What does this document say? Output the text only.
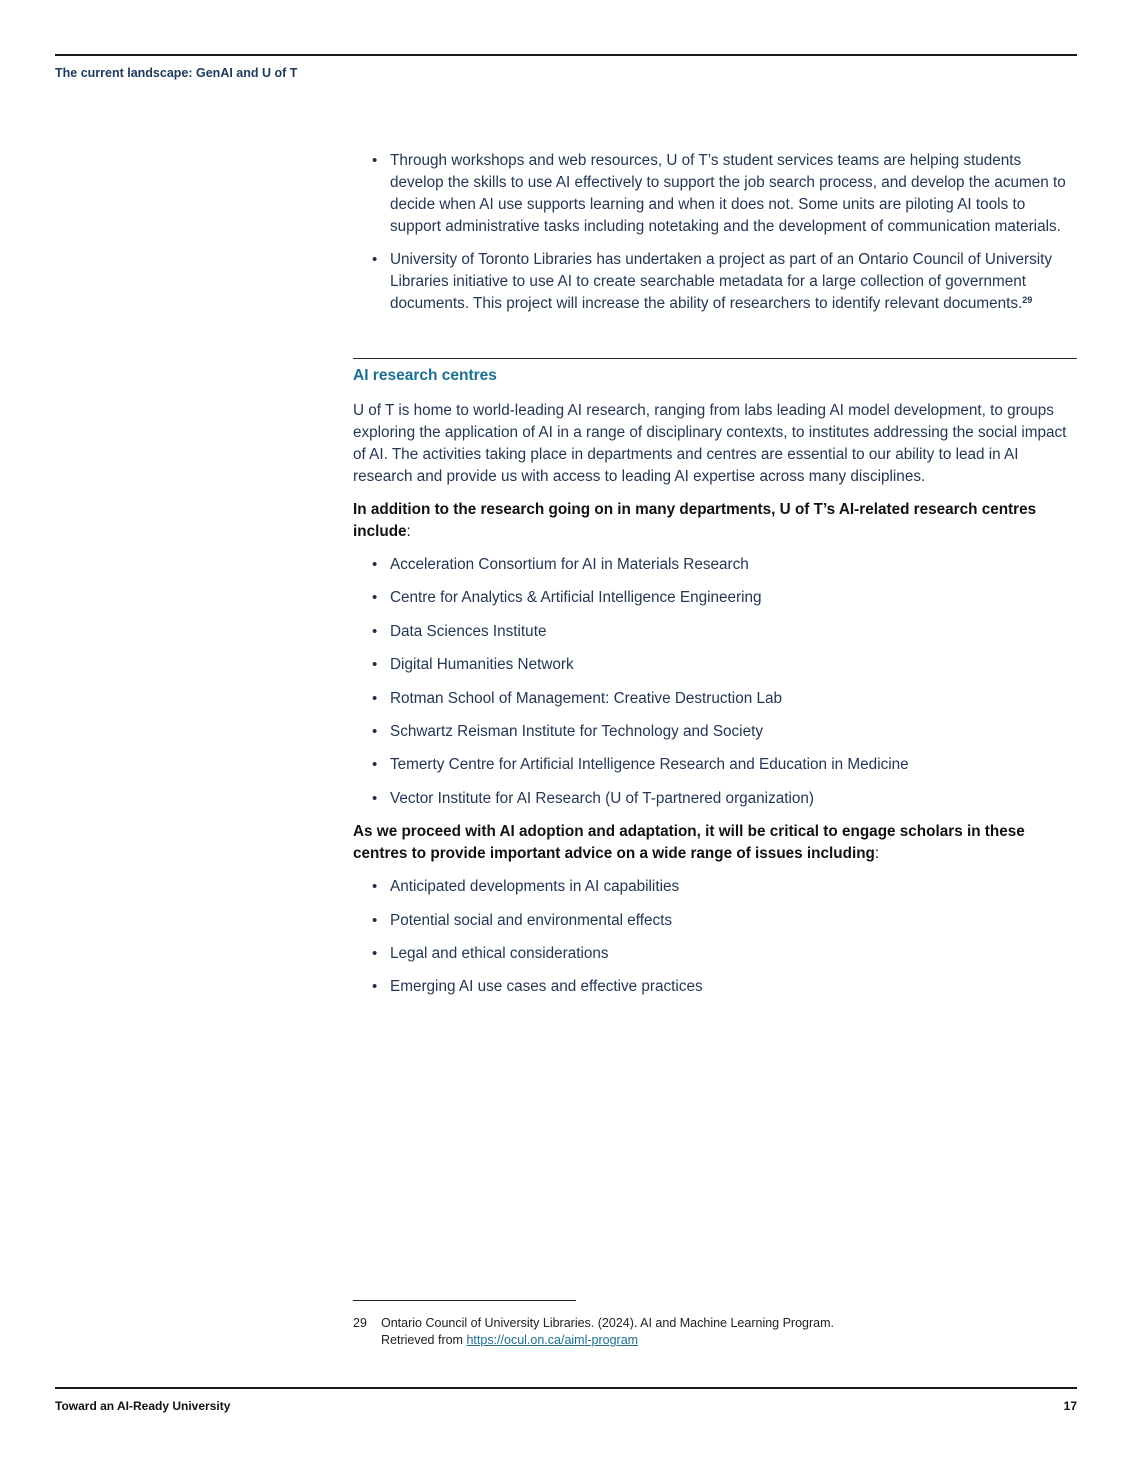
The current landscape: GenAI and U of T
• Through workshops and web resources, U of T’s student services teams are helping students develop the skills to use AI effectively to support the job search process, and develop the acumen to decide when AI use supports learning and when it does not. Some units are piloting AI tools to support administrative tasks including notetaking and the development of communication materials.
• University of Toronto Libraries has undertaken a project as part of an Ontario Council of University Libraries initiative to use AI to create searchable metadata for a large collection of government documents. This project will increase the ability of researchers to identify relevant documents.$^{29}$
AI research centres

U of T is home to world-leading AI research, ranging from labs leading AI model development, to groups exploring the application of AI in a range of disciplinary contexts, to institutes addressing the social impact of AI. The activities taking place in departments and centres are essential to our ability to lead in AI research and provide us with access to leading AI expertise across many disciplines.

In addition to the research going on in many departments, U of T’s AI-related research centres include:

• Acceleration Consortium for AI in Materials Research
• Centre for Analytics & Artificial Intelligence Engineering
• Data Sciences Institute
• Digital Humanities Network
• Rotman School of Management: Creative Destruction Lab
• Schwartz Reisman Institute for Technology and Society
• Temerty Centre for Artificial Intelligence Research and Education in Medicine
• Vector Institute for AI Research (U of T-partnered organization)

As we proceed with AI adoption and adaptation, it will be critical to engage scholars in these centres to provide important advice on a wide range of issues including:

• Anticipated developments in AI capabilities
• Potential social and environmental effects
• Legal and ethical considerations
• Emerging AI use cases and effective practices
29 Ontario Council of University Libraries. (2024). AI and Machine Learning Program.
Retrieved from https://ocul.on.ca/aiml-program
Toward an AI-Ready University	17
